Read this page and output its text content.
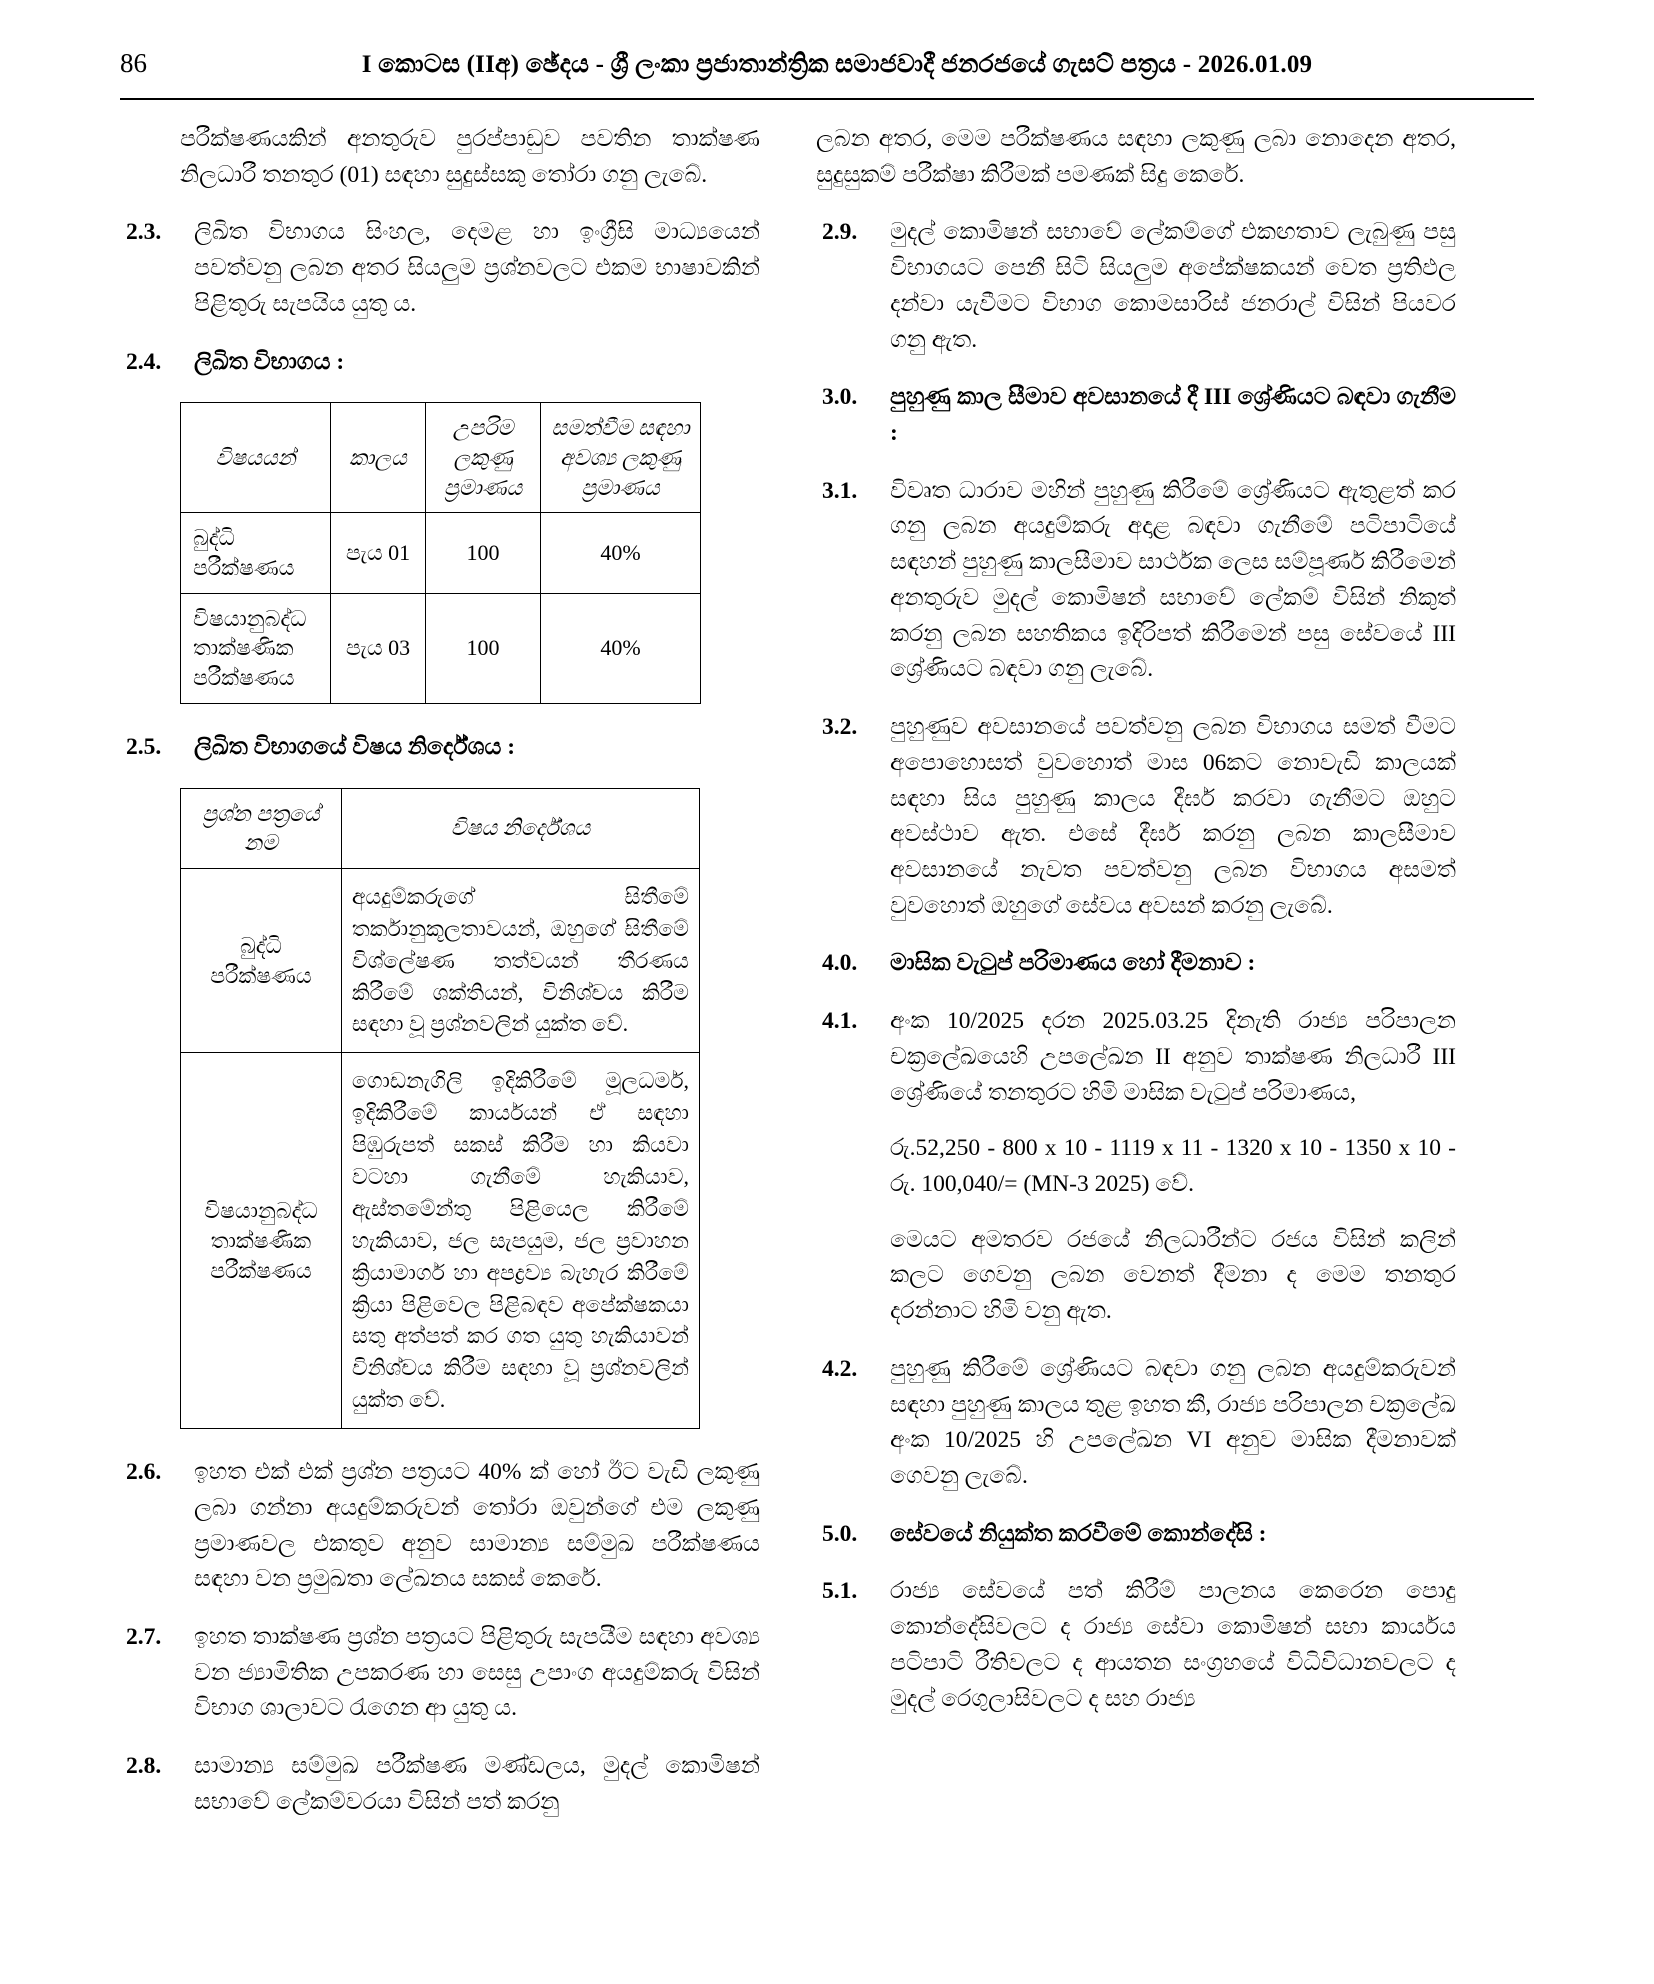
86	I කොටස (IIඅ) ඡේදය - ශ්‍රී ලංකා ප්‍රජාතාන්ත්‍රික සමාජවාදී ජනරජයේ ගැසට් පත්‍රය - 2026.01.09

පරීක්ෂණයකින් අනතුරුව පුරප්පාඩුව පවතින තාක්ෂණ නිලධාරී තනතුර (01) සඳහා සුදුස්සකු තෝරා ගනු ලැබේ.

2.3.	ලිඛිත විභාගය සිංහල, දෙමළ හා ඉංග්‍රීසි මාධ්‍යයෙන් පවත්වනු ලබන අතර සියලුම ප්‍රශ්නවලට එකම භාෂාවකින් පිළිතුරු සැපයිය යුතු ය.
2.4.	ලිඛිත විභාගය :
විෂයයන්	කාලය	උපරිම ලකුණු ප්‍රමාණය	සමත්වීම සඳහා අවශ්‍ය ලකුණු ප්‍රමාණය
බුද්ධි පරීක්ෂණය	පැය 01	100	40%
විෂයානුබද්ධ තාක්ෂණික පරීක්ෂණය	පැය 03	100	40%
2.5.	ලිඛිත විභාගයේ විෂය නිර්දේශය :
ප්‍රශ්න පත්‍රයේ නම	විෂය නිර්දේශය
බුද්ධි පරීක්ෂණය	අයදුම්කරුගේ සිතීමේ තර්කානුකූලතාවයන්, ඔහුගේ සිතීමේ විශ්ලේෂණ තත්වයන් තීරණය කිරීමේ ශක්තියන්, විනිශ්චය කිරීම සඳහා වූ ප්‍රශ්නවලින් යුක්ත වේ.
විෂයානුබද්ධ තාක්ෂණික පරීක්ෂණය	ගොඩනැගිලි ඉදිකිරීමේ මූලධර්ම, ඉදිකිරීමේ කාර්යයන් ඒ සඳහා පිඹුරුපත් සකස් කිරීම හා කියවා වටහා ගැනීමේ හැකියාව, ඇස්තමේන්තු පිළියෙල කිරීමේ හැකියාව, ජල සැපයුම, ජල ප්‍රවාහන ක්‍රියාමාර්ග හා අපද්‍රව්‍ය බැහැර කිරීමේ ක්‍රියා පිළිවෙල පිළිබඳව අපේක්ෂකයා සතු අත්පත් කර ගත යුතු හැකියාවන් විනිශ්චය කිරීම සඳහා වූ ප්‍රශ්නවලින් යුක්ත වේ.
2.6.	ඉහත එක් එක් ප්‍රශ්න පත්‍රයට 40% ක් හෝ ඊට වැඩි ලකුණු ලබා ගන්නා අයදුම්කරුවන් තෝරා ඔවුන්ගේ එම ලකුණු ප්‍රමාණවල එකතුව අනුව සාමාන්‍ය සම්මුඛ පරීක්ෂණය සඳහා වන ප්‍රමුඛතා ලේඛනය සකස් කෙරේ.
2.7.	ඉහත තාක්ෂණ ප්‍රශ්න පත්‍රයට පිළිතුරු සැපයීම සඳහා අවශ්‍ය වන ජ්‍යාමිතික උපකරණ හා සෙසු උපාංග අයදුම්කරු විසින් විභාග ශාලාවට රැගෙන ආ යුතු ය.
2.8.	සාමාන්‍ය සම්මුඛ පරීක්ෂණ මණ්ඩලය, මුදල් කොමිෂන් සභාවේ ලේකම්වරයා විසින් පත් කරනු

ලබන අතර, මෙම පරීක්ෂණය සඳහා ලකුණු ලබා නොදෙන අතර, සුදුසුකම් පරීක්ෂා කිරීමක් පමණක් සිදු කෙරේ.

2.9.	මුදල් කොමිෂන් සභාවේ ලේකම්ගේ එකඟතාව ලැබුණු පසු විභාගයට පෙනී සිටි සියලුම අපේක්ෂකයන් වෙත ප්‍රතිඵල දන්වා යැවීමට විභාග කොමසාරිස් ජනරාල් විසින් පියවර ගනු ඇත.
3.0.	පුහුණු කාල සීමාව අවසානයේ දී III ශ්‍රේණියට බඳවා ගැනීම :
3.1.	විවෘත ධාරාව මහින් පුහුණු කිරීමේ ශ්‍රේණියට ඇතුළත් කර ගනු ලබන අයදුම්කරු අදාළ බඳවා ගැනීමේ පටිපාටියේ සඳහන් පුහුණු කාලසීමාව සාර්ථක ලෙස සම්පූර්ණ කිරීමෙන් අනතුරුව මුදල් කොමිෂන් සභාවේ ලේකම් විසින් නිකුත් කරනු ලබන සහතිකය ඉදිරිපත් කිරීමෙන් පසු සේවයේ III ශ්‍රේණියට බඳවා ගනු ලැබේ.
3.2.	පුහුණුව අවසානයේ පවත්වනු ලබන විභාගය සමත් වීමට අපොහොසත් වුවහොත් මාස 06කට නොවැඩි කාලයක් සඳහා සිය පුහුණු කාලය දීර්ඝ කරවා ගැනීමට ඔහුට අවස්ථාව ඇත. එසේ දීර්ඝ කරනු ලබන කාලසීමාව අවසානයේ නැවත පවත්වනු ලබන විභාගය අසමත් වුවහොත් ඔහුගේ සේවය අවසන් කරනු ලැබේ.
4.0.	මාසික වැටුප් පරිමාණය හෝ දීමනාව :
4.1.	අංක 10/2025 දරන 2025.03.25 දිනැති රාජ්‍ය පරිපාලන චක්‍රලේඛයෙහි උපලේඛන II අනුව තාක්ෂණ නිලධාරී III ශ්‍රේණියේ තනතුරට හිමි මාසික වැටුප් පරිමාණය,
රු.52,250 - 800 x 10 - 1119 x 11 - 1320 x 10 - 1350 x 10 - රු. 100,040/= (MN-3 2025) වේ.
මෙයට අමතරව රජයේ නිලධාරීන්ට රජය විසින් කලින් කලට ගෙවනු ලබන වෙනත් දීමනා ද මෙම තනතුර දරන්නාට හිමි වනු ඇත.
4.2.	පුහුණු කිරීමේ ශ්‍රේණියට බඳවා ගනු ලබන අයදුම්කරුවන් සඳහා පුහුණු කාලය තුළ ඉහත කී, රාජ්‍ය පරිපාලන චක්‍රලේඛ අංක 10/2025 හි උපලේඛන VI අනුව මාසික දීමනාවක් ගෙවනු ලැබේ.
5.0.	සේවයේ නියුක්ත කරවීමේ කොන්දේසි :
5.1.	රාජ්‍ය සේවයේ පත් කිරීම් පාලනය කෙරෙන පොදු කොන්දේසිවලට ද රාජ්‍ය සේවා කොමිෂන් සභා කාර්යය පටිපාටි රීතිවලට ද ආයතන සංග්‍රහයේ විධිවිධානවලට ද මුදල් රෙගුලාසිවලට ද සහ රාජ්‍ය
